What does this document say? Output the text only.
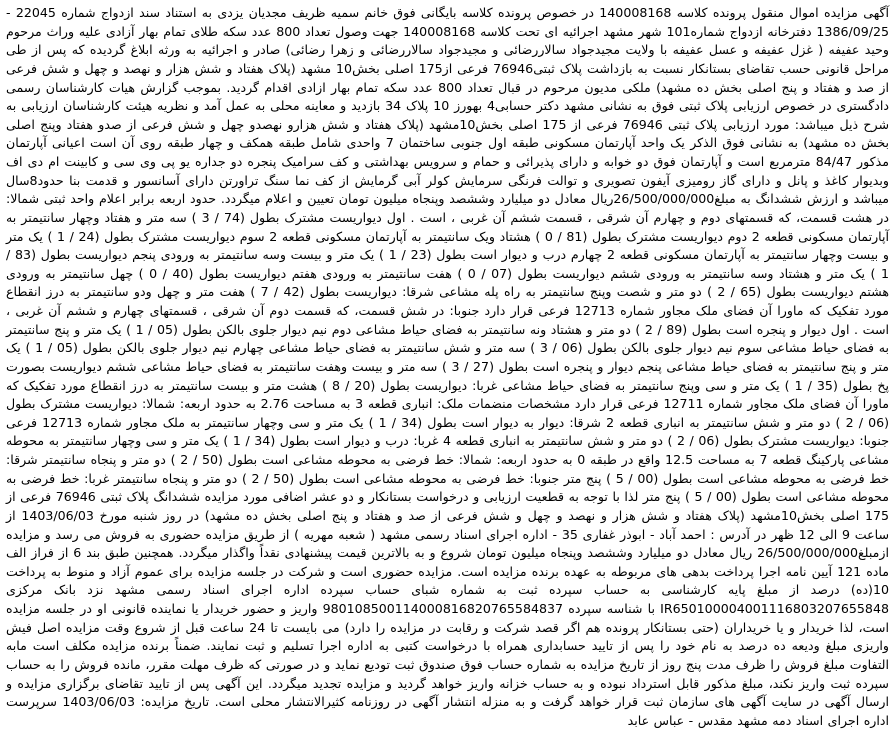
آگهی مزایده اموال منقول پرونده کلاسه 140008168 در خصوص پرونده کلاسه بایگانی فوق خانم سمیه ظریف مجدیان یزدی به استناد سند ازدواج شماره 22045 - 1386/09/25 دفترخانه ازدواج شماره101 شهر مشهد اجرائیه ای تحت کلاسه 140008168 جهت وصول تعداد 800 عدد سکه طلای تمام بهار آزادی علیه وراث مرحوم وحید عفیفه ( غزل عفیفه و عسل عفیفه با ولایت مجیدجواد سالاررضائی و مجیدجواد سالاررضائی و زهرا رضائی) صادر و اجرائیه به ورثه ابلاغ گردیده که پس از طی مراحل قانونی حسب تقاضای بستانکار نسبت به بازداشت پلاک ثبتی76946 فرعی از175 اصلی بخش10 مشهد (پلاک هفتاد و شش هزار و نهصد و چهل و شش فرعی از صد و هفتاد و پنج اصلی بخش ده مشهد) ملکی مدیون مرحوم در قبال تعداد 800 عدد سکه تمام بهار ازادی اقدام گردید. بموجب گزارش هیات کارشناسان رسمی دادگستری در خصوص ارزیابی پلاک ثبتی فوق به نشانی مشهد دکتر حسابی4 بهورز 10 پلاک 34 بازدید و معاینه محلی به عمل آمد و نظریه هیئت کارشناسان ارزیابی به شرح ذیل میباشد: مورد ارزیابی پلاک ثبتی 76946 فرعی از 175 اصلی بخش10مشهد (پلاک هفتاد و شش هزارو نهصدو چهل و شش فرعی از صدو هفتاد وپنج اصلی بخش ده مشهد) به نشانی فوق الذکر یک واحد آپارتمان مسکونی طبقه اول جنوبی ساختمان 7 واحدی شامل طبقه همکف و چهار طبقه روی آن است اعیانی آپارتمان مذکور 84/47 مترمربع است و آپارتمان فوق دو خوابه و دارای پذیرائی و حمام و سرویس بهداشتی و کف سرامیک پنجره دو جداره یو پی وی سی و کابینت ام دی اف وبدیوار کاغذ و پانل و دارای گاز رومیزی آیفون تصویری و توالت فرنگی سرمایش کولر آبی گرمایش از کف نما سنگ تراورتن دارای آسانسور و قدمت بنا حدود8سال میباشد و ارزش ششدانگ به مبلغ26/500/000/000ریال معادل دو میلیارد وششصد وپنجاه میلیون تومان تعیین و اعلام میگردد. حدود اربعه برابر اعلام واحد ثبتی شمالا: در هشت قسمت، که قسمتهای دوم و چهارم آن شرقی ، قسمت ششم آن غربی ، است . اول دیواریست مشترک بطول (74 / 3 ) سه متر و هفتاد وچهار سانتیمتر به آپارتمان مسکونی قطعه 2 دوم دیواریست مشترک بطول (81 / 0 ) هشتاد ویک سانتیمتر به آپارتمان مسکونی قطعه 2 سوم دیواریست مشترک بطول (24 / 1 ) یک متر و بیست وچهار سانتیمتر به آپارتمان مسکونی قطعه 2 چهارم درب و دیوار است بطول (23 / 1 ) یک متر و بیست وسه سانتیمتر به ورودی پنجم دیواریست بطول (83 / 1 ) یک متر و هشتاد وسه سانتیمتر به ورودی ششم دیواریست بطول (07 / 0 ) هفت سانتیمتر به ورودی هفتم دیواریست بطول (40 / 0 ) چهل سانتیمتر به ورودی هشتم دیواریست بطول (65 / 2 ) دو متر و شصت وپنج سانتیمتر به راه پله مشاعی شرقا: دیواریست بطول (42 / 7 ) هفت متر و چهل ودو سانتیمتر به درز انقطاع مورد تفکیک که ماورا آن فضای ملک مجاور شماره 12713 فرعی قرار دارد جنوبا: در شش قسمت، که قسمت دوم آن شرقی ، قسمتهای چهارم و ششم آن غربی ، است . اول دیوار و پنجره است بطول (89 / 2 ) دو متر و هشتاد ونه سانتیمتر به فضای حیاط مشاعی دوم نیم دیوار جلوی بالکن بطول (05 / 1 ) یک متر و پنج سانتیمتر به فضای حیاط مشاعی سوم نیم دیوار جلوی بالکن بطول (06 / 3 ) سه متر و شش سانتیمتر به فضای حیاط مشاعی چهارم نیم دیوار جلوی بالکن بطول (05 / 1 ) یک متر و پنج سانتیمتر به فضای حیاط مشاعی پنجم دیوار و پنجره است بطول (27 / 3 ) سه متر و بیست وهفت سانتیمتر به فضای حیاط مشاعی ششم دیواریست بصورت پخ بطول (35 / 1 ) یک متر و سی وپنج سانتیمتر به فضای حیاط مشاعی غربا: دیواریست بطول (20 / 8 ) هشت متر و بیست سانتیمتر به درز انقطاع مورد تفکیک که ماورا آن فضای ملک مجاور شماره 12711 فرعی قرار دارد مشخصات منضمات ملک: انباری قطعه 3 به مساحت 2.76 به حدود اربعه: شمالا: دیواریست مشترک بطول (06 / 2 ) دو متر و شش سانتیمتر به انباری قطعه 2 شرقا: دیوار به دیوار است بطول (34 / 1 ) یک متر و سی وچهار سانتیمتر به ملک مجاور شماره 12713 فرعی جنوبا: دیواریست مشترک بطول (06 / 2 ) دو متر و شش سانتیمتر به انباری قطعه 4 غربا: درب و دیوار است بطول (34 / 1 ) یک متر و سی وچهار سانتیمتر به محوطه مشاعی پارکینگ قطعه 7 به مساحت 12.5 واقع در طبقه 0 به حدود اربعه: شمالا: خط فرضی به محوطه مشاعی است بطول (50 / 2 ) دو متر و پنجاه سانتیمتر شرقا: خط فرضی به محوطه مشاعی است بطول (00 / 5 ) پنج متر جنوبا: خط فرضی به محوطه مشاعی است بطول (50 / 2 ) دو متر و پنجاه سانتیمتر غربا: خط فرضی به محوطه مشاعی است بطول (00 / 5 ) پنج متر لذا با توجه به قطعیت ارزیابی و درخواست بستانکار و دو عشر اضافی مورد مزایده ششدانگ پلاک ثبتی 76946 فرعی از 175 اصلی بخش10مشهد (پلاک هفتاد و شش هزار و نهصد و چهل و شش فرعی از صد و هفتاد و پنج اصلی بخش ده مشهد) در روز شنبه مورخ 1403/06/03 از ساعت 9 الی 12 ظهر در آدرس : احمد آباد - ابوذر غفاری 35 - اداره اجرای اسناد رسمی مشهد ( شعبه مهریه ) از طریق مزایده حضوری به فروش می رسد و مزایده ازمبلغ26/500/000/000 ریال معادل دو میلیارد وششصد وپنجاه میلیون تومان شروع و به بالاترین قیمت پیشنهادی نقداً واگذار میگردد. همچنین طبق بند 6 از فراز الف ماده 121 آیین نامه اجرا پرداخت بدهی های مربوطه به عهده برنده مزایده است. مزایده حضوری است و شرکت در جلسه مزایده برای عموم آزاد و منوط به پرداخت 10(ده) درصد از مبلغ پایه کارشناسی به حساب سپرده ثبت به شماره شبای حساب سپرده اداره اجرای اسناد رسمی مشهد نزد بانک مرکزی IR650100004001116803207655848 با شناسه سپرده 980108500114000816820765584837 واریز و حضور خریدار یا نماینده قانونی او در جلسه مزایده است، لذا خریدار و یا خریداران (حتی بستانکار پرونده هم اگر قصد شرکت و رقابت در مزایده را دارد) می بایست تا 24 ساعت قبل از شروع وقت مزایده اصل فیش واریزی مبلغ ودیعه ده درصد به نام خود را پس از تایید حسابداری همراه با درخواست کتبی به اداره اجرا تسلیم و ثبت نمایند. ضمناً برنده مزایده مکلف است مابه التفاوت مبلغ فروش را ظرف مدت پنج روز از تاریخ مزایده به شماره حساب فوق صندوق ثبت تودیع نماید و در صورتی که ظرف مهلت مقرر، مانده فروش را به حساب سپرده ثبت واریز نکند، مبلغ مذکور قابل استرداد نبوده و به حساب خزانه واریز خواهد گردید و مزایده تجدید میگردد. این آگهی پس از تایید تقاضای برگزاری مزایده و ارسال آگهی در سایت آگهی های سازمان ثبت قرار خواهد گرفت و به منزله انتشار آگهی در روزنامه کثیرالانتشار محلی است. تاریخ مزایده: 1403/06/03 سرپرست اداره اجرای اسناد دمه مشهد مقدس - عباس عابد
